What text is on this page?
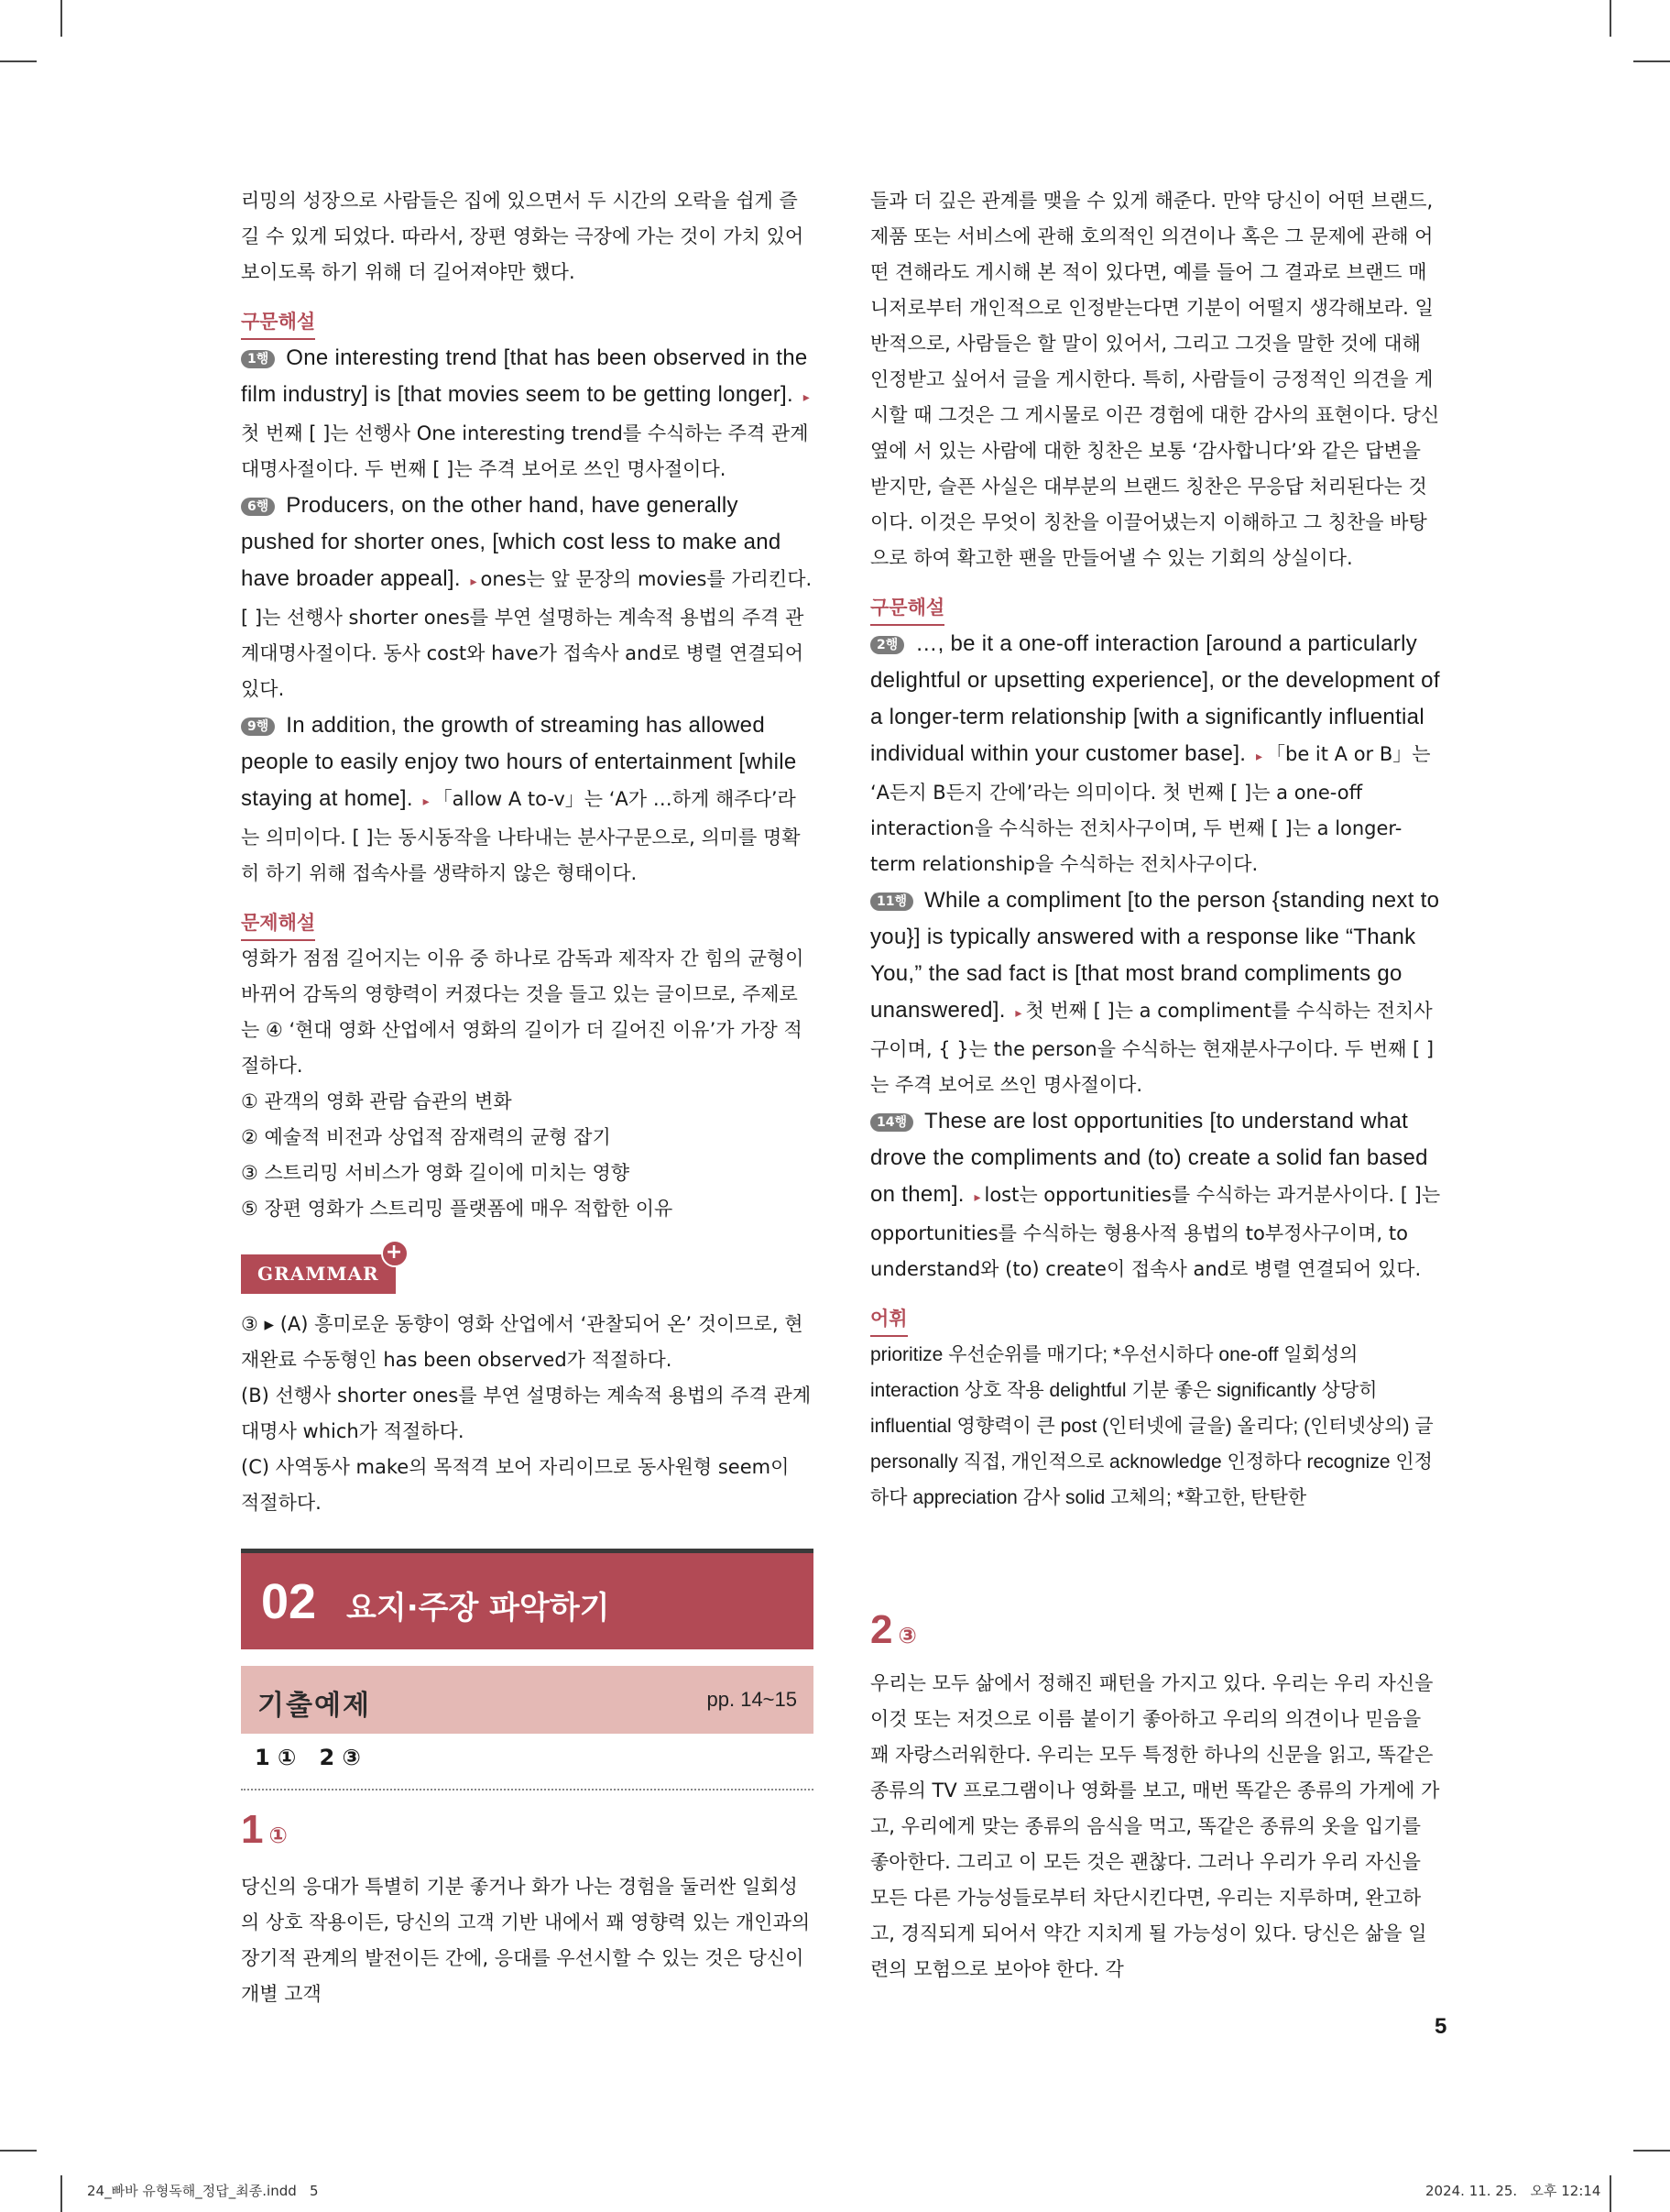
리밍의 성장으로 사람들은 집에 있으면서 두 시간의 오락을 쉽게 즐길 수 있게 되었다. 따라서, 장편 영화는 극장에 가는 것이 가치 있어 보이도록 하기 위해 더 길어져야만 했다.

구문해설

1행 One interesting trend [that has been observed in the film industry] is [that movies seem to be getting longer]. ▸첫 번째 [ ]는 선행사 One interesting trend를 수식하는 주격 관계대명사절이다. 두 번째 [ ]는 주격 보어로 쓰인 명사절이다.

6행 Producers, on the other hand, have generally pushed for shorter ones, [which cost less to make and have broader appeal]. ▸ ones는 앞 문장의 movies를 가리킨다. [ ]는 선행사 shorter ones를 부연 설명하는 계속적 용법의 주격 관계대명사절이다. 동사 cost와 have가 접속사 and로 병렬 연결되어 있다.

9행 In addition, the growth of streaming has allowed people to easily enjoy two hours of entertainment [while staying at home]. ▸ 「allow A to-v」는 ‘A가 …하게 해주다’라는 의미이다. [ ]는 동시동작을 나타내는 분사구문으로, 의미를 명확히 하기 위해 접속사를 생략하지 않은 형태이다.

문제해설

영화가 점점 길어지는 이유 중 하나로 감독과 제작자 간 힘의 균형이 바뀌어 감독의 영향력이 커졌다는 것을 들고 있는 글이므로, 주제로는 ④ ‘현대 영화 산업에서 영화의 길이가 더 길어진 이유’가 가장 적절하다.

① 관객의 영화 관람 습관의 변화

② 예술적 비전과 상업적 잠재력의 균형 잡기

③ 스트리밍 서비스가 영화 길이에 미치는 영향

⑤ 장편 영화가 스트리밍 플랫폼에 매우 적합한 이유

GRAMMAR
+

③ ▸ (A) 흥미로운 동향이 영화 산업에서 ‘관찰되어 온’ 것이므로, 현재완료 수동형인 has been observed가 적절하다.

(B) 선행사 shorter ones를 부연 설명하는 계속적 용법의 주격 관계대명사 which가 적절하다.

(C) 사역동사 make의 목적격 보어 자리이므로 동사원형 seem이 적절하다.

02 요지·주장 파악하기
기출예제	pp. 14~15
1 ①   2 ③
1 ①
당신의 응대가 특별히 기분 좋거나 화가 나는 경험을 둘러싼 일회성의 상호 작용이든, 당신의 고객 기반 내에서 꽤 영향력 있는 개인과의 장기적 관계의 발전이든 간에, 응대를 우선시할 수 있는 것은 당신이 개별 고객

들과 더 깊은 관계를 맺을 수 있게 해준다. 만약 당신이 어떤 브랜드, 제품 또는 서비스에 관해 호의적인 의견이나 혹은 그 문제에 관해 어떤 견해라도 게시해 본 적이 있다면, 예를 들어 그 결과로 브랜드 매니저로부터 개인적으로 인정받는다면 기분이 어떨지 생각해보라. 일반적으로, 사람들은 할 말이 있어서, 그리고 그것을 말한 것에 대해 인정받고 싶어서 글을 게시한다. 특히, 사람들이 긍정적인 의견을 게시할 때 그것은 그 게시물로 이끈 경험에 대한 감사의 표현이다. 당신 옆에 서 있는 사람에 대한 칭찬은 보통 ‘감사합니다’와 같은 답변을 받지만, 슬픈 사실은 대부분의 브랜드 칭찬은 무응답 처리된다는 것이다. 이것은 무엇이 칭찬을 이끌어냈는지 이해하고 그 칭찬을 바탕으로 하여 확고한 팬을 만들어낼 수 있는 기회의 상실이다.

구문해설

2행 …, be it a one-off interaction [around a particularly delightful or upsetting experience], or the development of a longer-term relationship [with a significantly influential individual within your customer base]. ▸ 「be it A or B」는 ‘A든지 B든지 간에’라는 의미이다. 첫 번째 [ ]는 a one-off interaction을 수식하는 전치사구이며, 두 번째 [ ]는 a longer-term relationship을 수식하는 전치사구이다.

11행 While a compliment [to the person {standing next to you}] is typically answered with a response like “Thank You,” the sad fact is [that most brand compliments go unanswered]. ▸ 첫 번째 [ ]는 a compliment를 수식하는 전치사구이며, { }는 the person을 수식하는 현재분사구이다. 두 번째 [ ]는 주격 보어로 쓰인 명사절이다.

14행 These are lost opportunities [to understand what drove the compliments and (to) create a solid fan based on them]. ▸ lost는 opportunities를 수식하는 과거분사이다. [ ]는 opportunities를 수식하는 형용사적 용법의 to부정사구이며, to understand와 (to) create이 접속사 and로 병렬 연결되어 있다.

어휘

prioritize 우선순위를 매기다; *우선시하다 one-off 일회성의 interaction 상호 작용 delightful 기분 좋은 significantly 상당히 influential 영향력이 큰 post (인터넷에 글을) 올리다; (인터넷상의) 글 personally 직접, 개인적으로 acknowledge 인정하다 recognize 인정하다 appreciation 감사 solid 고체의; *확고한, 탄탄한

2 ③
우리는 모두 삶에서 정해진 패턴을 가지고 있다. 우리는 우리 자신을 이것 또는 저것으로 이름 붙이기 좋아하고 우리의 의견이나 믿음을 꽤 자랑스러워한다. 우리는 모두 특정한 하나의 신문을 읽고, 똑같은 종류의 TV 프로그램이나 영화를 보고, 매번 똑같은 종류의 가게에 가고, 우리에게 맞는 종류의 음식을 먹고, 똑같은 종류의 옷을 입기를 좋아한다. 그리고 이 모든 것은 괜찮다. 그러나 우리가 우리 자신을 모든 다른 가능성들로부터 차단시킨다면, 우리는 지루하며, 완고하고, 경직되게 되어서 약간 지치게 될 가능성이 있다. 당신은 삶을 일련의 모험으로 보아야 한다. 각
5
24_빠바 유형독해_정답_최종.indd   5	2024. 11. 25.   오후 12:14
